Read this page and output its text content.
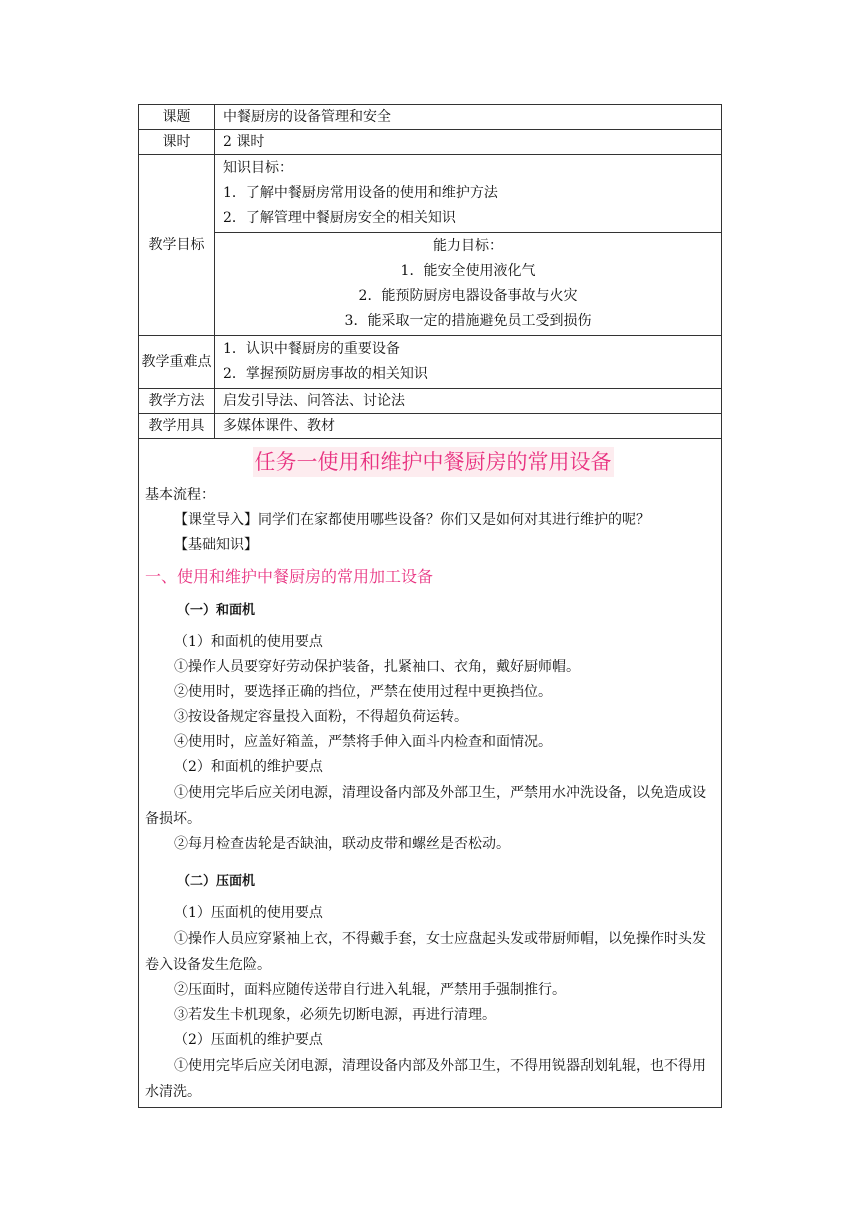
课题	中餐厨房的设备管理和安全
课时	2 课时
教学目标	知识目标：
1．了解中餐厨房常用设备的使用和维护方法
2．了解管理中餐厨房安全的相关知识

	能力目标：
1．能安全使用液化气
2．能预防厨房电器设备事故与火灾
3．能采取一定的措施避免员工受到损伤

教学重难点	1．认识中餐厨房的重要设备
2．掌握预防厨房事故的相关知识

教学方法	启发引导法、问答法、讨论法
教学用具	多媒体课件、教材
任务一使用和维护中餐厨房的常用设备

基本流程：

【课堂导入】同学们在家都使用哪些设备？你们又是如何对其进行维护的呢？

【基础知识】

一、使用和维护中餐厨房的常用加工设备

（一）和面机

（1）和面机的使用要点

①操作人员要穿好劳动保护装备，扎紧袖口、衣角，戴好厨师帽。

②使用时，要选择正确的挡位，严禁在使用过程中更换挡位。

③按设备规定容量投入面粉，不得超负荷运转。

④使用时，应盖好箱盖，严禁将手伸入面斗内检查和面情况。

（2）和面机的维护要点

①使用完毕后应关闭电源，清理设备内部及外部卫生，严禁用水冲洗设备，以免造成设备损坏。

②每月检查齿轮是否缺油，联动皮带和螺丝是否松动。

（二）压面机

（1）压面机的使用要点

①操作人员应穿紧袖上衣，不得戴手套，女士应盘起头发或带厨师帽，以免操作时头发卷入设备发生危险。

②压面时，面料应随传送带自行进入轧辊，严禁用手强制推行。

③若发生卡机现象，必须先切断电源，再进行清理。

（2）压面机的维护要点

①使用完毕后应关闭电源，清理设备内部及外部卫生，不得用锐器刮划轧辊，也不得用水清洗。
